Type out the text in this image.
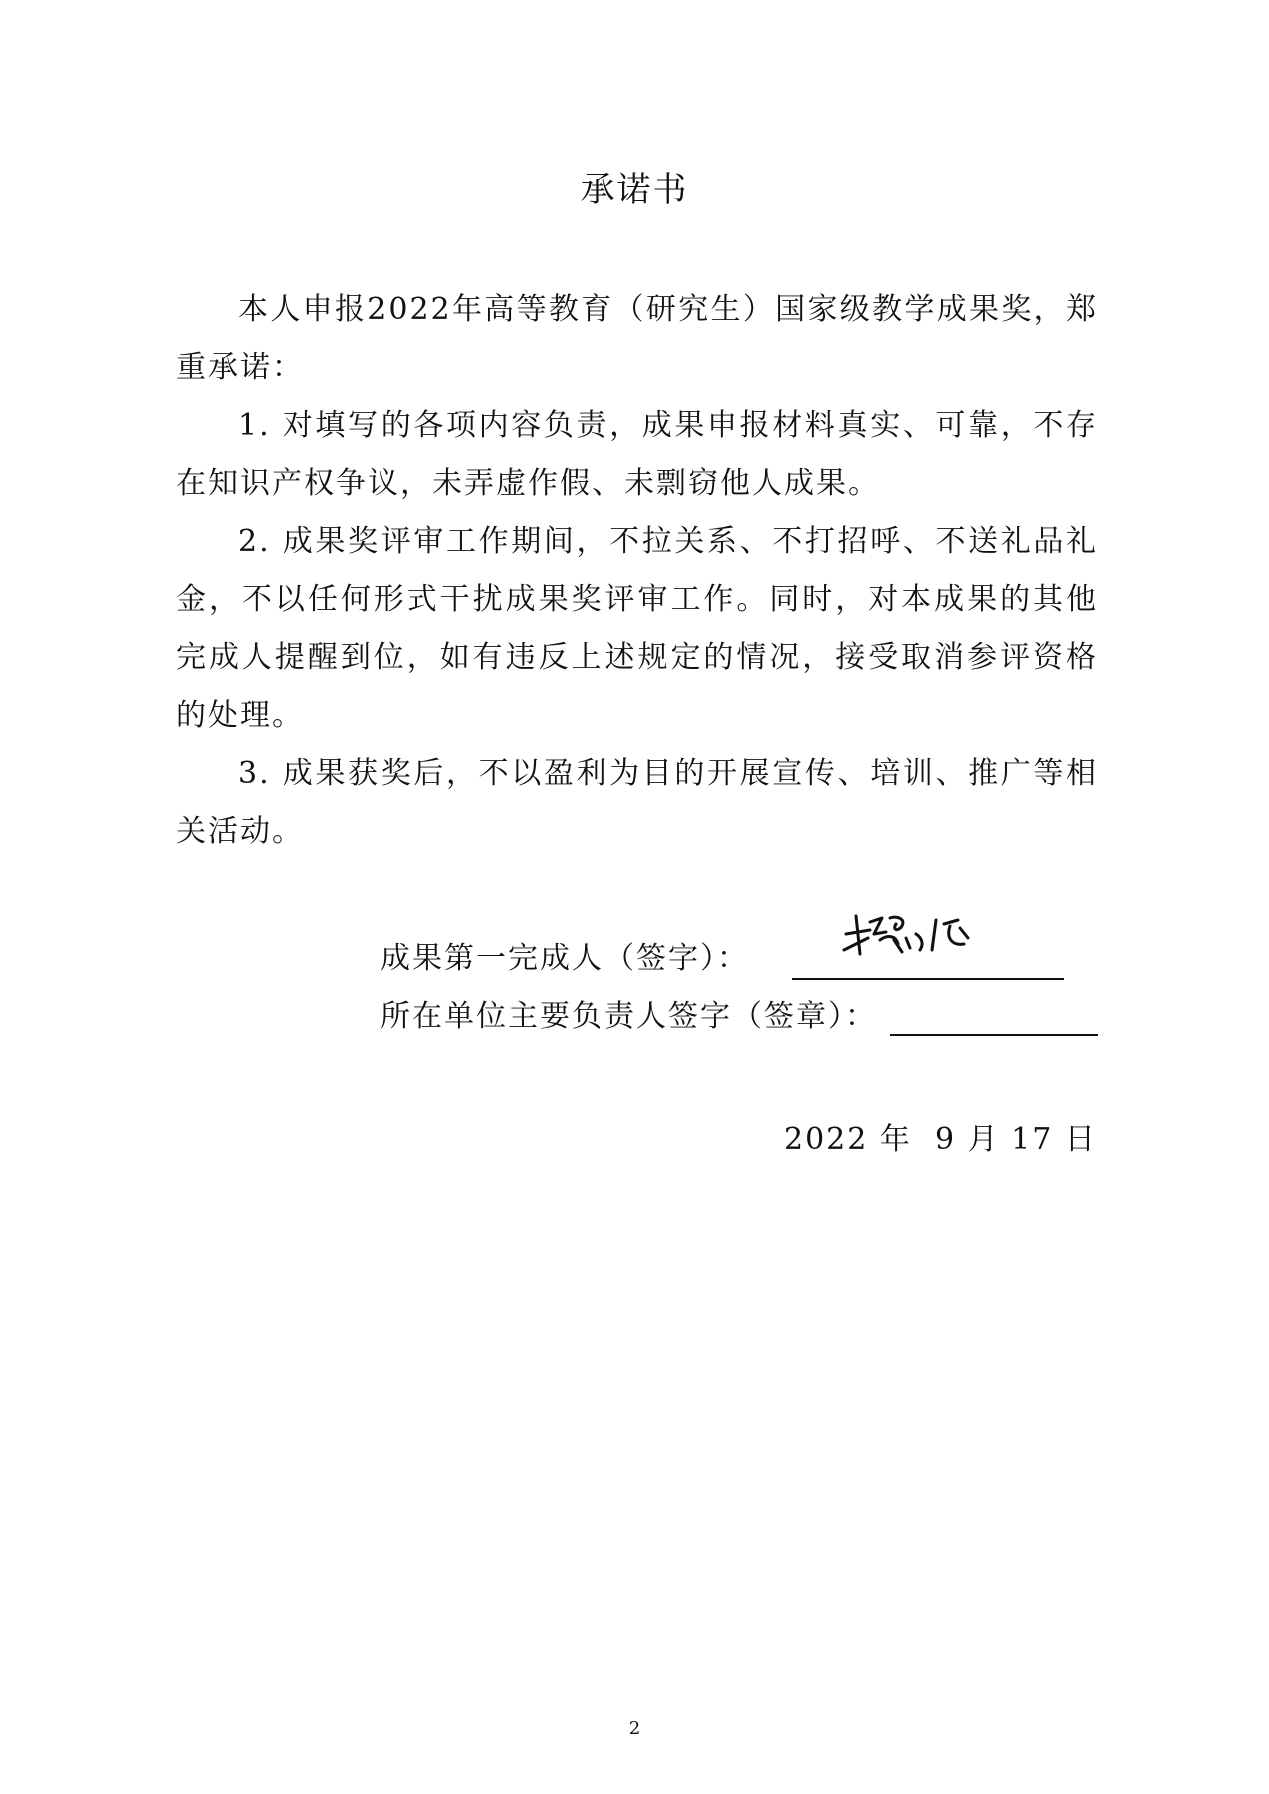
承诺书

本人申报2022年高等教育（研究生）国家级教学成果奖，郑重承诺：

1. 对填写的各项内容负责，成果申报材料真实、可靠，不存在知识产权争议，未弄虚作假、未剽窃他人成果。

2. 成果奖评审工作期间，不拉关系、不打招呼、不送礼品礼金，不以任何形式干扰成果奖评审工作。同时，对本成果的其他完成人提醒到位，如有违反上述规定的情况，接受取消参评资格的处理。

3. 成果获奖后，不以盈利为目的开展宣传、培训、推广等相关活动。

成果第一完成人（签字）：
所在单位主要负责人签字（签章）：
2022 年  9 月 17 日
2
